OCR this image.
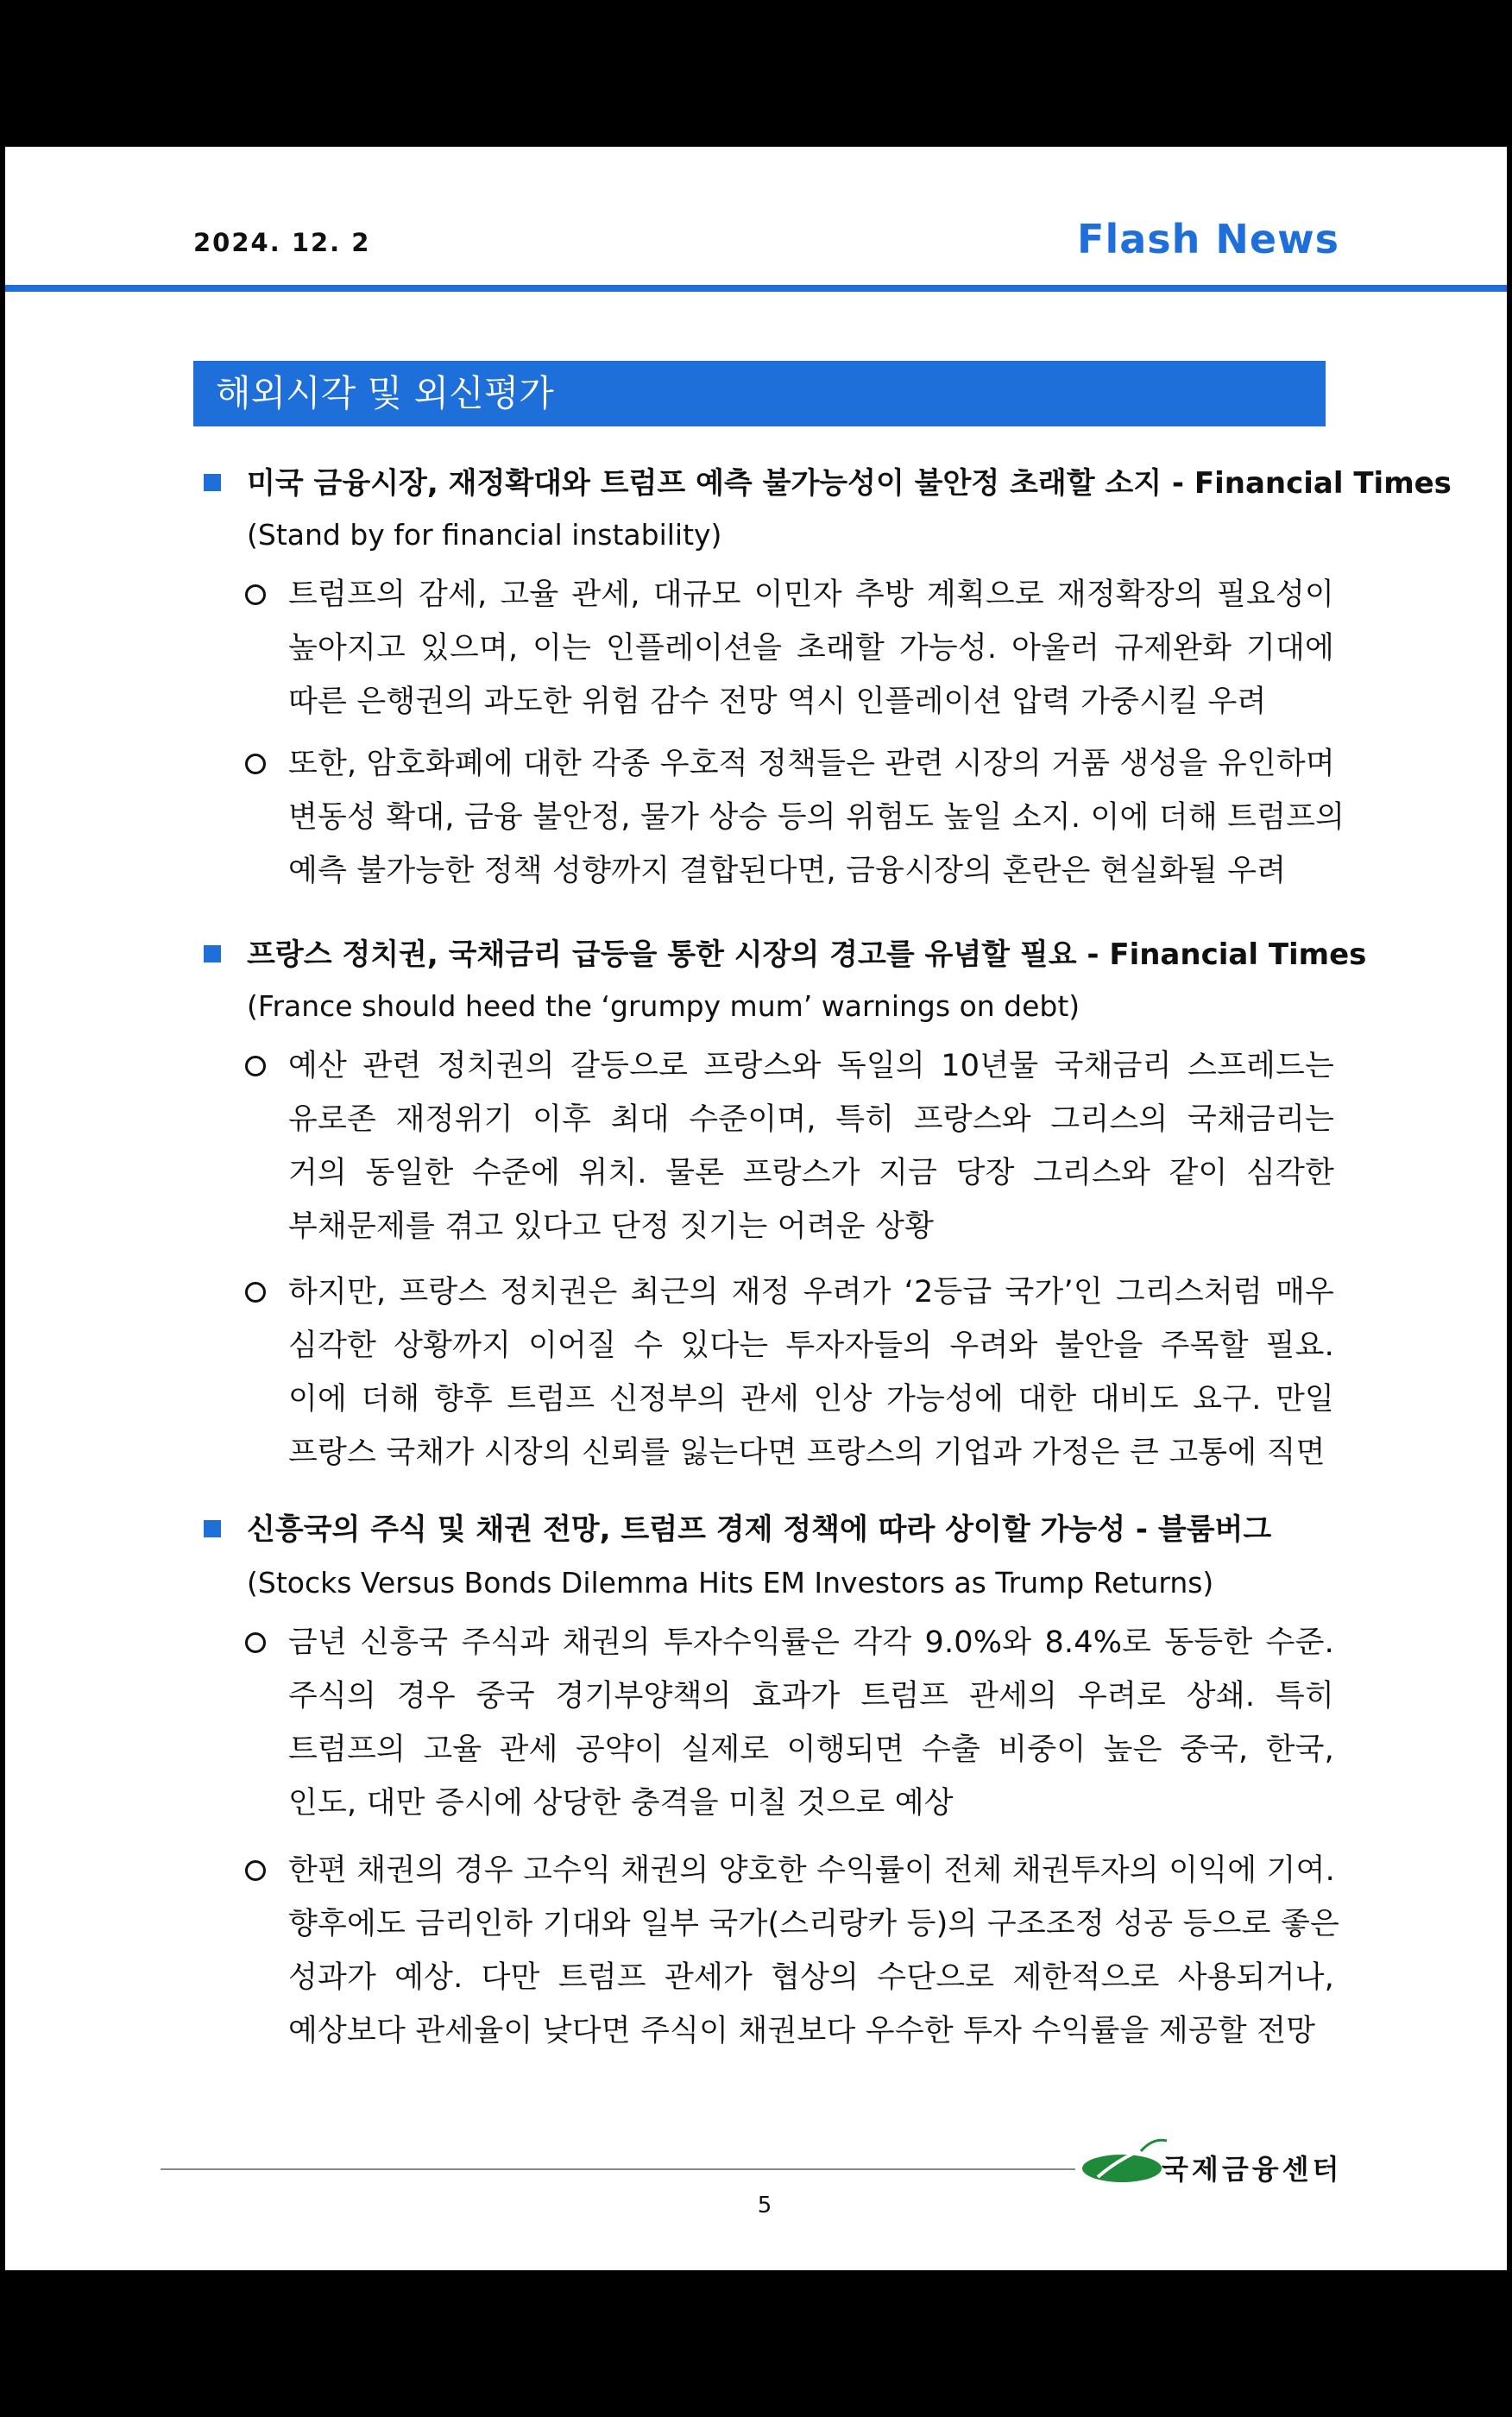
2024. 12. 2	Flash News
해외시각 및 외신평가
미국 금융시장, 재정확대와 트럼프 예측 불가능성이 불안정 초래할 소지 - Financial Times
(Stand by for financial instability)
트럼프의 감세, 고율 관세, 대규모 이민자 추방 계획으로 재정확장의 필요성이
높아지고 있으며, 이는 인플레이션을 초래할 가능성. 아울러 규제완화 기대에
따른 은행권의 과도한 위험 감수 전망 역시 인플레이션 압력 가중시킬 우려
또한, 암호화폐에 대한 각종 우호적 정책들은 관련 시장의 거품 생성을 유인하며
변동성 확대, 금융 불안정, 물가 상승 등의 위험도 높일 소지. 이에 더해 트럼프의
예측 불가능한 정책 성향까지 결합된다면, 금융시장의 혼란은 현실화될 우려
프랑스 정치권, 국채금리 급등을 통한 시장의 경고를 유념할 필요 - Financial Times
(France should heed the ‘grumpy mum’ warnings on debt)
예산 관련 정치권의 갈등으로 프랑스와 독일의 10년물 국채금리 스프레드는
유로존 재정위기 이후 최대 수준이며, 특히 프랑스와 그리스의 국채금리는
거의 동일한 수준에 위치. 물론 프랑스가 지금 당장 그리스와 같이 심각한
부채문제를 겪고 있다고 단정 짓기는 어려운 상황
하지만, 프랑스 정치권은 최근의 재정 우려가 ‘2등급 국가’인 그리스처럼 매우
심각한 상황까지 이어질 수 있다는 투자자들의 우려와 불안을 주목할 필요.
이에 더해 향후 트럼프 신정부의 관세 인상 가능성에 대한 대비도 요구. 만일
프랑스 국채가 시장의 신뢰를 잃는다면 프랑스의 기업과 가정은 큰 고통에 직면
신흥국의 주식 및 채권 전망, 트럼프 경제 정책에 따라 상이할 가능성 - 블룸버그
(Stocks Versus Bonds Dilemma Hits EM Investors as Trump Returns)
금년 신흥국 주식과 채권의 투자수익률은 각각 9.0%와 8.4%로 동등한 수준.
주식의 경우 중국 경기부양책의 효과가 트럼프 관세의 우려로 상쇄. 특히
트럼프의 고율 관세 공약이 실제로 이행되면 수출 비중이 높은 중국, 한국,
인도, 대만 증시에 상당한 충격을 미칠 것으로 예상
한편 채권의 경우 고수익 채권의 양호한 수익률이 전체 채권투자의 이익에 기여.
향후에도 금리인하 기대와 일부 국가(스리랑카 등)의 구조조정 성공 등으로 좋은
성과가 예상. 다만 트럼프 관세가 협상의 수단으로 제한적으로 사용되거나,
예상보다 관세율이 낮다면 주식이 채권보다 우수한 투자 수익률을 제공할 전망
국제금융센터
5
